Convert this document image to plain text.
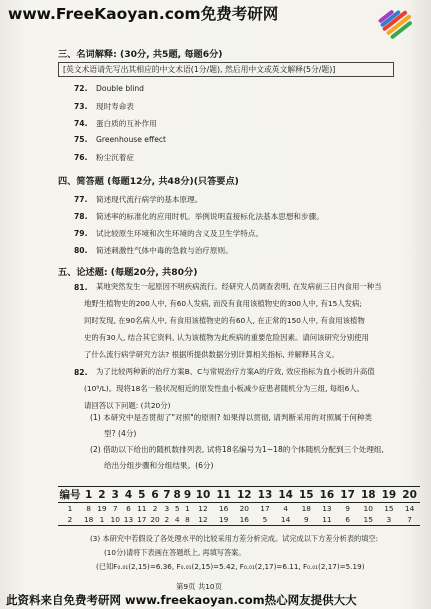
www.FreeKaoyan.com免费考研网
三、名词解释: (30分, 共5题, 每题6分)
[英文术语请先写出其相应的中文术语(1分/题), 然后用中文或英文解释(5分/题)]
72. Double blind
73. 现时寿命表
74. 蛋白质的互补作用
75. Greenhouse effect
76. 粉尘沉着症
四、简答题 (每题12分, 共48分)(只答要点)
77. 简述现代流行病学的基本原理。
78. 简述率的标准化的应用时机。举例说明直接标化法基本思想和步骤。
79. 试比较原生环境和次生环境的含义及卫生学特点。
80. 简述刺激性气体中毒的急救与治疗原则。
五、论述题: (每题20分, 共80分)
81. 某地突然发生一起原因不明疾病流行。经研究人员调查表明, 在发病前三日内食用一种当
地野生植物史的200人中, 有60人发病, 而没有食用该植物史的300人中, 有15人发病;
同时发现, 在90名病人中, 有食用该植物史的有60人, 在正常的150人中, 有食用该植物
史的有30人, 结合其它资料, 认为该植物为此疾病的重要危险因素。请问该研究分别使用
了什么流行病学研究方法? 根据所提供数据分别计算相关指标, 并解释其含义。
82. 为了比较两种新的治疗方案B、C与常规治疗方案A的疗效, 效应指标为血小板的升高值
(10⁹/L)。现将18名一般状况相近的原发性血小板减少症患者随机分为三组, 每组6人。
请回答以下问题: (共20分)
(1) 本研究中是否贯彻了"对照"的原则? 如果得以贯彻, 请判断采用的对照属于何种类
型? (4分)
(2) 借助以下给出的随机数排列表, 试将18名编号为1~18的个体随机分配到三个处理组,
给出分组步骤和分组结果。(6分)
编号	1	2	3	4	5	6	7	8	9	10	11	12	13	14	15	16	17	18	19	20
1	8	19	7	6	11	2	3	5	1	12	16	20	17	4	18	13	9	10	15	14
2	18	1	10	13	17	20	2	4	8	12	19	16	5	14	9	11	6	15	3	7
(3) 本研究中若假设了各处理水平的比较采用方差分析完成。试完成以下方差分析表的填空:
(10分)请将下表画在答题纸上, 再填写答案。
(已知F₀.₀₁(2,15)=6.36, F₀.₀₁(2,15)=5.42, F₀.₀₁(2,17)=6.11, F₀.₀₁(2,17)=5.19)
第9页 共10页
此资料来自免费考研网 www.freekaoyan.com热心网友提供大大
